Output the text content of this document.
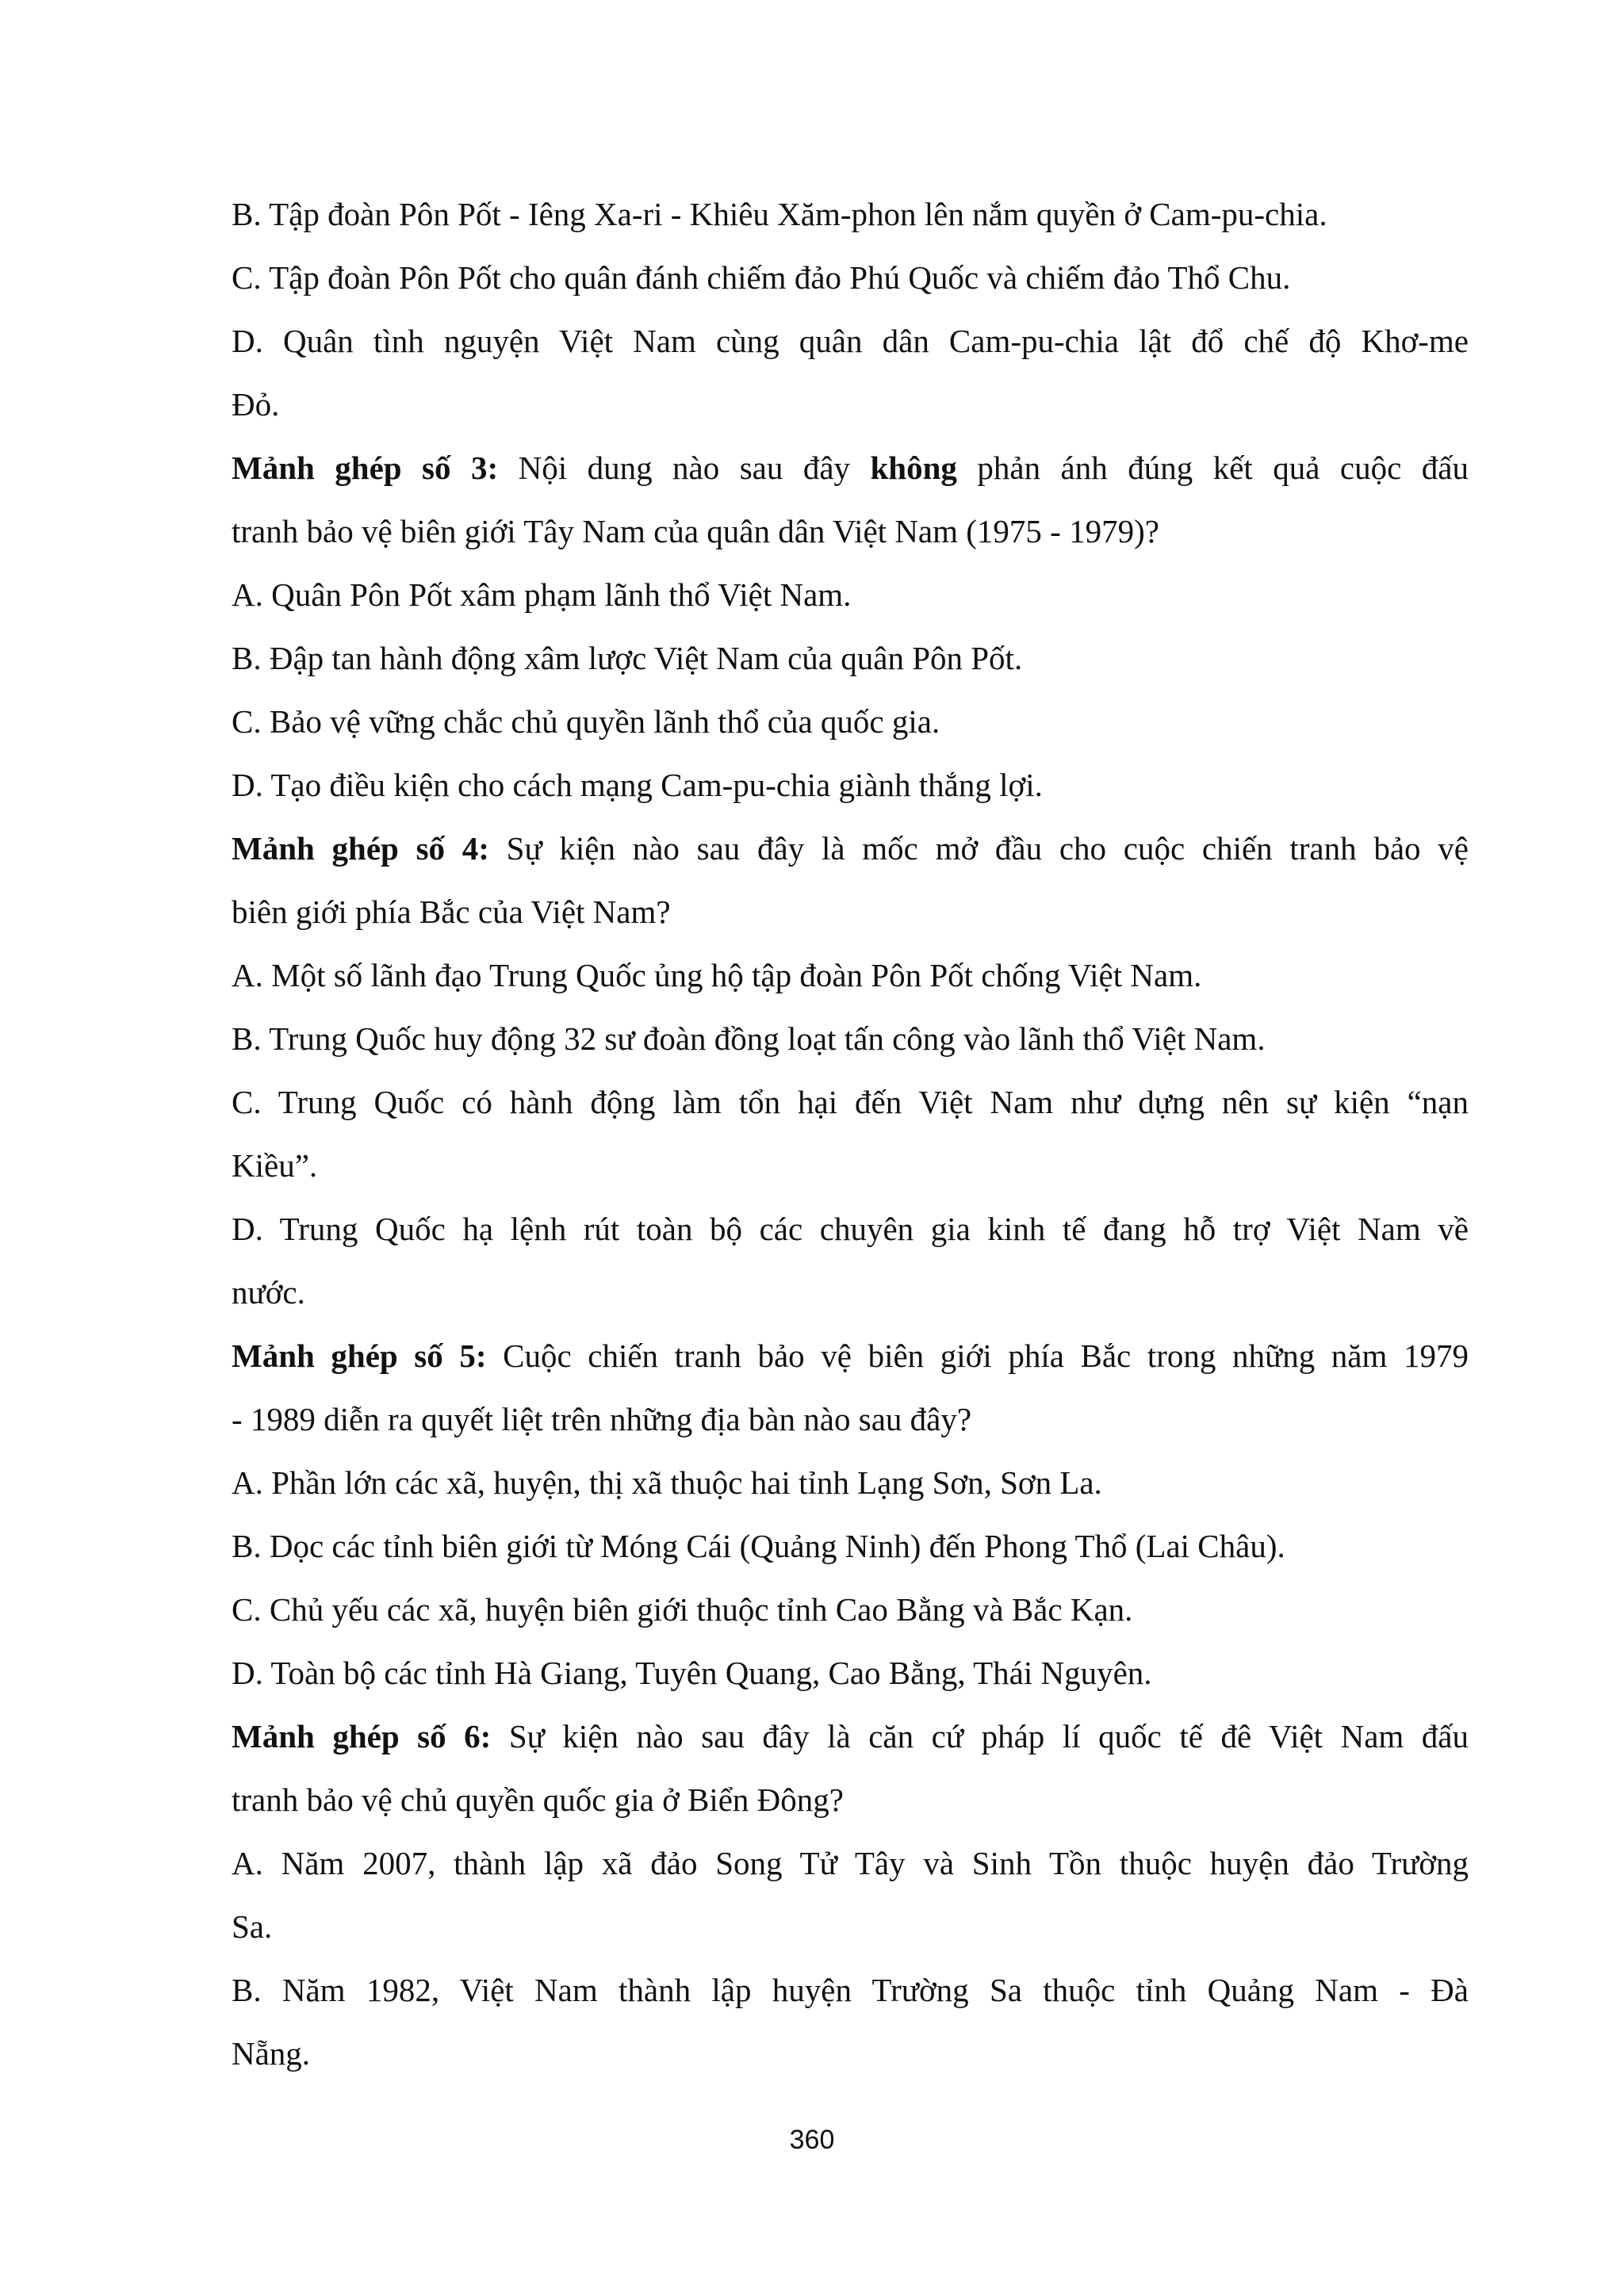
B. Tập đoàn Pôn Pốt - Iêng Xa-ri - Khiêu Xăm-phon lên nắm quyền ở Cam-pu-chia.
C. Tập đoàn Pôn Pốt cho quân đánh chiếm đảo Phú Quốc và chiếm đảo Thổ Chu.
D. Quân tình nguyện Việt Nam cùng quân dân Cam-pu-chia lật đổ chế độ Khơ-me
Đỏ.
Mảnh ghép số 3: Nội dung nào sau đây không phản ánh đúng kết quả cuộc đấu
tranh bảo vệ biên giới Tây Nam của quân dân Việt Nam (1975 - 1979)?
A. Quân Pôn Pốt xâm phạm lãnh thổ Việt Nam.
B. Đập tan hành động xâm lược Việt Nam của quân Pôn Pốt.
C. Bảo vệ vững chắc chủ quyền lãnh thổ của quốc gia.
D. Tạo điều kiện cho cách mạng Cam-pu-chia giành thắng lợi.
Mảnh ghép số 4: Sự kiện nào sau đây là mốc mở đầu cho cuộc chiến tranh bảo vệ
biên giới phía Bắc của Việt Nam?
A. Một số lãnh đạo Trung Quốc ủng hộ tập đoàn Pôn Pốt chống Việt Nam.
B. Trung Quốc huy động 32 sư đoàn đồng loạt tấn công vào lãnh thổ Việt Nam.
C. Trung Quốc có hành động làm tổn hại đến Việt Nam như dựng nên sự kiện “nạn
Kiều”.
D. Trung Quốc hạ lệnh rút toàn bộ các chuyên gia kinh tế đang hỗ trợ Việt Nam về
nước.
Mảnh ghép số 5: Cuộc chiến tranh bảo vệ biên giới phía Bắc trong những năm 1979
- 1989 diễn ra quyết liệt trên những địa bàn nào sau đây?
A. Phần lớn các xã, huyện, thị xã thuộc hai tỉnh Lạng Sơn, Sơn La.
B. Dọc các tỉnh biên giới từ Móng Cái (Quảng Ninh) đến Phong Thổ (Lai Châu).
C. Chủ yếu các xã, huyện biên giới thuộc tỉnh Cao Bằng và Bắc Kạn.
D. Toàn bộ các tỉnh Hà Giang, Tuyên Quang, Cao Bằng, Thái Nguyên.
Mảnh ghép số 6: Sự kiện nào sau đây là căn cứ pháp lí quốc tế đê Việt Nam đấu
tranh bảo vệ chủ quyền quốc gia ở Biển Đông?
A. Năm 2007, thành lập xã đảo Song Tử Tây và Sinh Tồn thuộc huyện đảo Trường
Sa.
B. Năm 1982, Việt Nam thành lập huyện Trường Sa thuộc tỉnh Quảng Nam - Đà
Nẵng.
360
